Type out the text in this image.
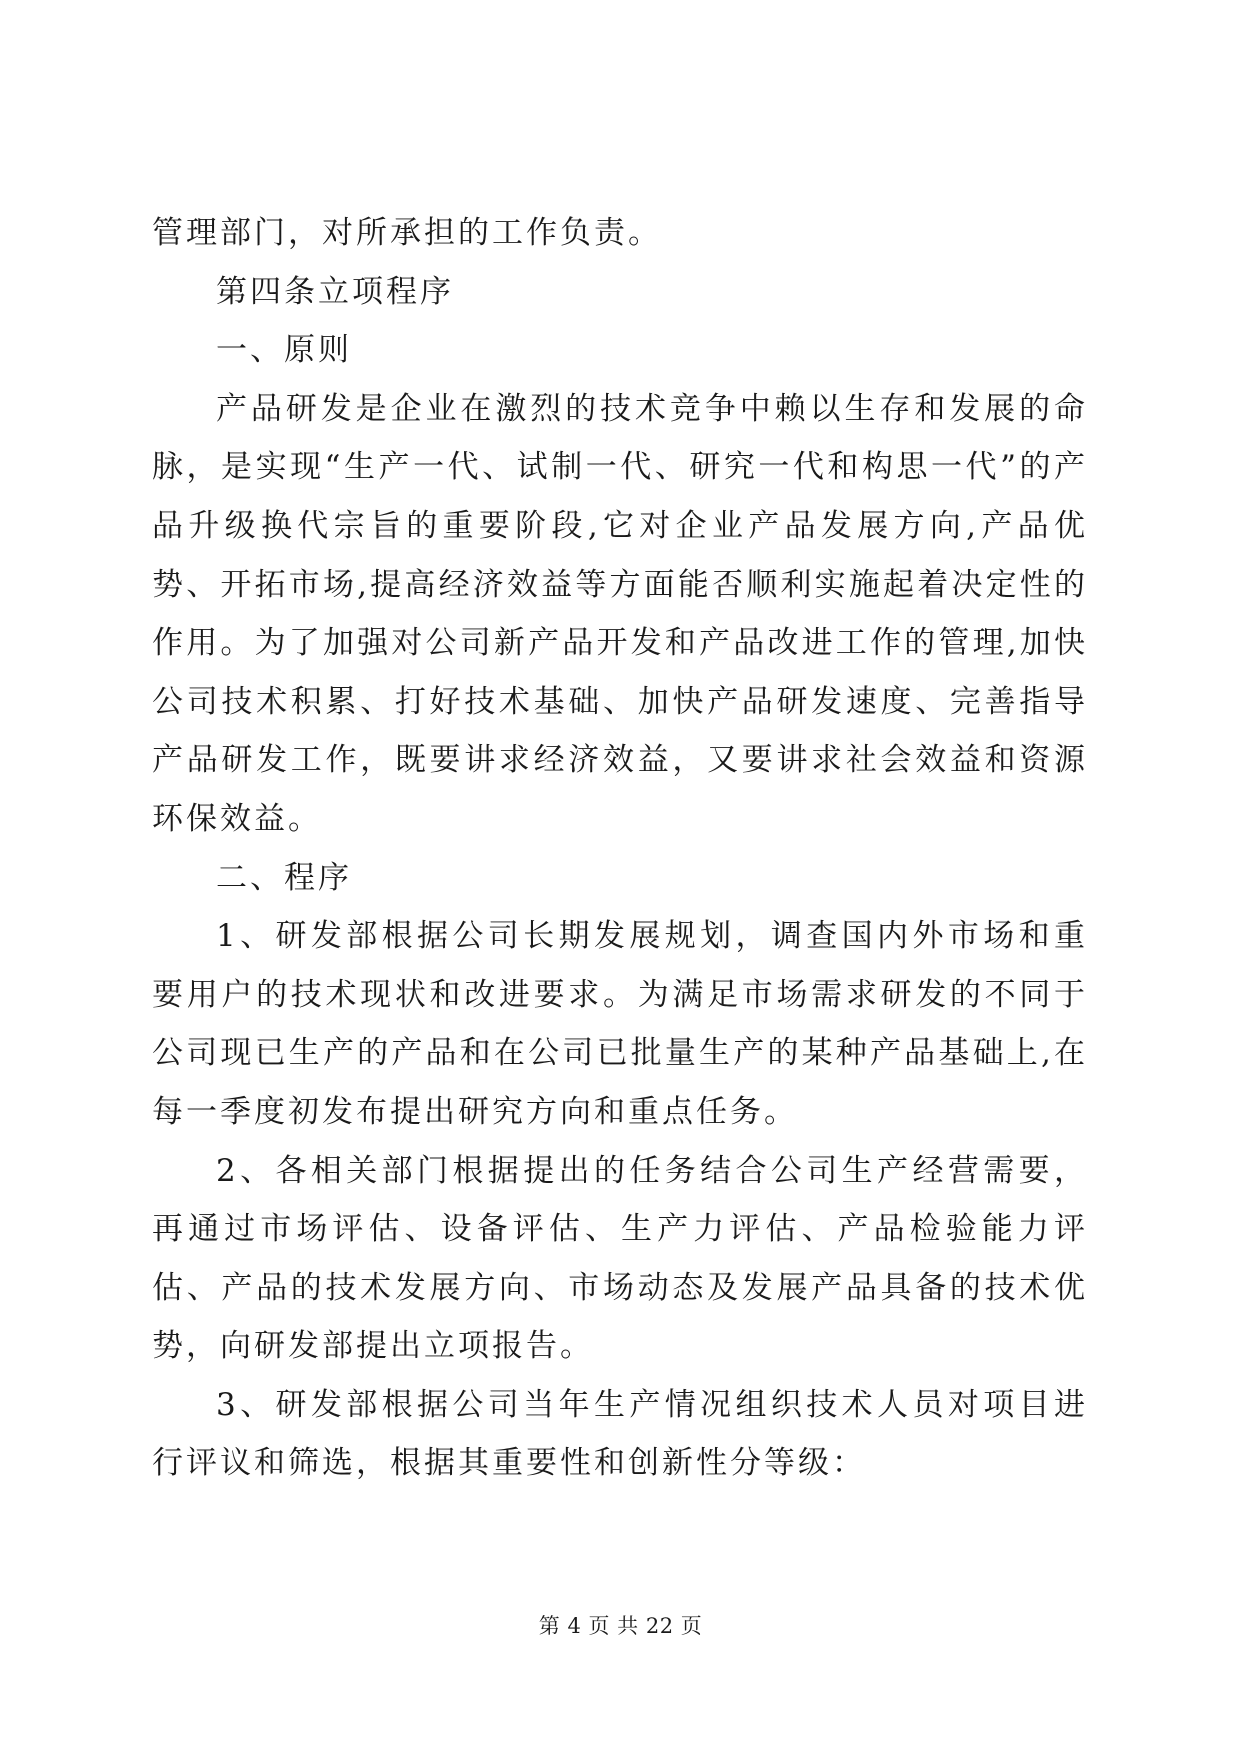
管理部门，对所承担的工作负责。

第四条立项程序

一、原则

产品研发是企业在激烈的技术竞争中赖以生存和发展的命脉，是实现“生产一代、试制一代、研究一代和构思一代”的产品升级换代宗旨的重要阶段,它对企业产品发展方向,产品优势、开拓市场,提高经济效益等方面能否顺利实施起着决定性的作用。为了加强对公司新产品开发和产品改进工作的管理,加快公司技术积累、打好技术基础、加快产品研发速度、完善指导产品研发工作，既要讲求经济效益，又要讲求社会效益和资源环保效益。

二、程序

1、研发部根据公司长期发展规划，调查国内外市场和重要用户的技术现状和改进要求。为满足市场需求研发的不同于公司现已生产的产品和在公司已批量生产的某种产品基础上,在每一季度初发布提出研究方向和重点任务。

2、各相关部门根据提出的任务结合公司生产经营需要，再通过市场评估、设备评估、生产力评估、产品检验能力评估、产品的技术发展方向、市场动态及发展产品具备的技术优势，向研发部提出立项报告。

3、研发部根据公司当年生产情况组织技术人员对项目进行评议和筛选，根据其重要性和创新性分等级：

第 4 页 共 22 页
